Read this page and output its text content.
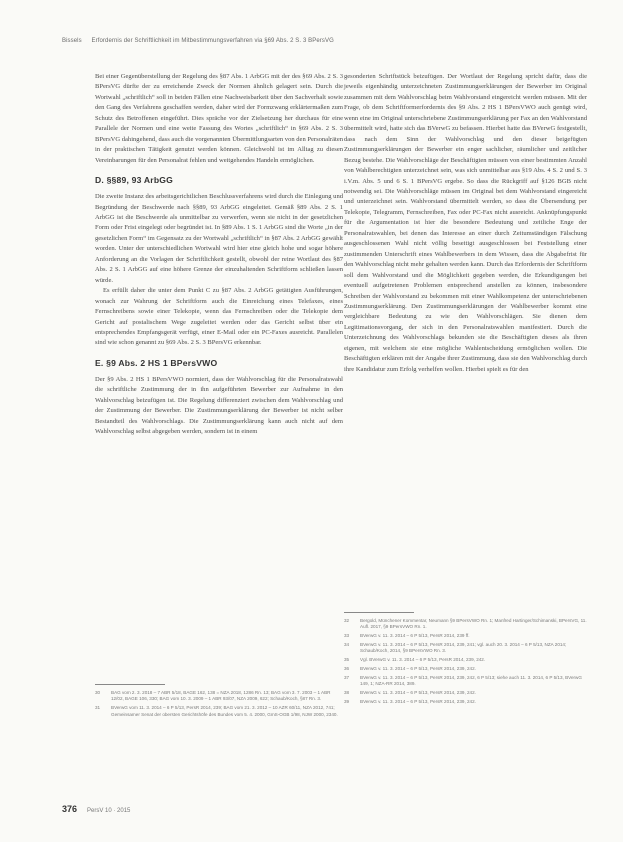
Bissels Erfordernis der Schriftlichkeit im Mitbestimmungsverfahren via §69 Abs. 2 S. 3 BPersVG

Bei einer Gegenüberstellung der Regelung des §87 Abs. 1 ArbGG mit der des §69 Abs. 2 S. 3 BPersVG dürfte der zu erreichende Zweck der Normen ähnlich gelagert sein. Durch die Wortwahl „schriftlich“ soll in beiden Fällen eine Nachweisbarkeit über den Sachverhalt sowie den Gang des Verfahrens geschaffen werden, daher wird der Formzwang erklärtermaßen zum Schutz des Betroffenen eingeführt. Dies spräche vor der Zielsetzung her durchaus für eine Parallele der Normen und eine weite Fassung des Wortes „schriftlich“ in §69 Abs. 2 S. 3 BPersVG dahingehend, dass auch die vorgenannten Übermittlungsarten von den Personalräten in der praktischen Tätigkeit genutzt werden können. Gleichwohl ist im Alltag zu diesen Vereinbarungen für den Personalrat fehlen und weitgehendes Handeln ermöglichen.

D. §§89, 93 ArbGG

Die zweite Instanz des arbeitsgerichtlichen Beschlussverfahrens wird durch die Einlegung und Begründung der Beschwerde nach §§89, 93 ArbGG eingeleitet. Gemäß §89 Abs. 2 S. 1 ArbGG ist die Beschwerde als unmittelbar zu verwerfen, wenn sie nicht in der gesetzlichen Form oder Frist eingelegt oder begründet ist. In §89 Abs. 1 S. 1 ArbGG sind die Worte „in der gesetzlichen Form“ im Gegensatz zu der Wortwahl „schriftlich“ in §87 Abs. 2 ArbGG gewählt worden. Unter der unterschiedlichen Wortwahl wird hier eine gleich hohe und sogar höhere Anforderung an die Vorlagen der Schriftlichkeit gestellt, obwohl der reine Wortlaut des §87 Abs. 2 S. 1 ArbGG auf eine höhere Grenze der einzuhaltenden Schriftform schließen lassen würde.

Es erfüllt daher die unter dem Punkt C zu §87 Abs. 2 ArbGG getätigten Ausführungen, wonach zur Wahrung der Schriftform auch die Einreichung eines Telefaxes, eines Fernschreibens sowie einer Telekopie, wenn das Fernschreiben oder die Telekopie dem Gericht auf postalischem Wege zugeleitet werden oder das Gericht selbst über ein entsprechendes Empfangsgerät verfügt, einer E-Mail oder ein PC-Faxes ausreicht. Parallelen sind wie schon genannt zu §69 Abs. 2 S. 3 BPersVG erkennbar.

E. §9 Abs. 2 HS 1 BPersVWO

Der §9 Abs. 2 HS 1 BPersVWO normiert, dass der Wahlvorschlag für die Personalratswahl die schriftliche Zustimmung der in ihn aufgeführten Bewerber zur Aufnahme in den Wahlvorschlag beizufügen ist. Die Regelung differenziert zwischen dem Wahlvorschlag und der Zustimmung der Bewerber. Die Zustimmungserklärung der Bewerber ist nicht selber Bestandteil des Wahlvorschlags. Die Zustimmungserklärung kann auch nicht auf dem Wahlvorschlag selbst abgegeben werden, sondern ist in einem

30	BAG vom 2. 3. 2018 – 7 ABR 5/18, BAGE 162, 138 = NZA 2018, 1286 Rn. 13; BAG vom 3. 7. 2003 – 1 ABR 12/02, BAGE 106, 330; BAG vom 10. 3. 2009 – 1 ABR 93/07, NZA 2009, 622; Schaub/Koch, §87 Rn. 3.
31	BVerwG vom 11. 3. 2014 – 6 P 5/13, PersR 2014, 239; BAG vom 21. 3. 2012 – 10 AZR 60/11, NZA 2012, 741; Gemeinsamer Senat der obersten Gerichtshöfe des Bundes vom 5. 4. 2000, GmS-OGB 1/98, NJW 2000, 2340.

gesonderten Schriftstück beizufügen. Der Wortlaut der Regelung spricht dafür, dass die jeweils eigenhändig unterzeichneten Zustimmungserklärungen der Bewerber im Original zusammen mit dem Wahlvorschlag beim Wahlvorstand eingereicht werden müssen. Mit der Frage, ob dem Schriftformerfordernis des §9 Abs. 2 HS 1 BPersVWO auch genügt wird, wenn eine im Original unterschriebene Zustimmungserklärung per Fax an den Wahlvorstand übermittelt wird, hatte sich das BVerwG zu befassen. Hierbei hatte das BVerwG festgestellt, dass nach dem Sinn der Wahlvorschlag und den dieser beigefügten Zustimmungserklärungen der Bewerber ein enger sachlicher, räumlicher und zeitlicher Bezug bestehe. Die Wahlvorschläge der Beschäftigten müssen von einer bestimmten Anzahl von Wahlberechtigten unterzeichnet sein, was sich unmittelbar aus §19 Abs. 4 S. 2 und S. 3 i.V.m. Abs. 5 und 6 S. 1 BPersVG ergebe. So dass die Rückgriff auf §126 BGB nicht notwendig sei. Die Wahlvorschläge müssen im Original bei dem Wahlvorstand eingereicht und unterzeichnet sein. Wahlvorstand übermittelt werden, so dass die Übersendung per Telekopie, Telegramm, Fernschreiben, Fax oder PC-Fax nicht ausreicht. Anknüpfungspunkt für die Argumentation ist hier die besondere Bedeutung und zeitliche Enge der Personalratswahlen, bei denen das Interesse an einer durch Zeitumständigen Fälschung ausgeschlossenen Wahl nicht völlig beseitigt ausgeschlossen bei Feststellung einer zustimmenden Unterschrift eines Wahlbewerbers in dem Wissen, dass die Abgabefrist für den Wahlvorschlag nicht mehr gehalten werden kann. Durch das Erfordernis der Schriftform soll dem Wahlvorstand und die Möglichkeit gegeben werden, die Erkundigungen bei eventuell aufgetretenen Problemen entsprechend anstellen zu können, insbesondere Schreiben der Wahlvorstand zu bekommen mit einer Wahlkompetenz der unterschriebenen Zustimmungserklärung. Den Zustimmungserklärungen der Wahlbewerber kommt eine vergleichbare Bedeutung zu wie den Wahlvorschlägen. Sie dienen dem Legitimationsvorgang, der sich in den Personalratswahlen manifestiert. Durch die Unterzeichnung des Wahlvorschlags bekunden sie die Beschäftigten dieses als ihren eigenen, mit welchem sie eine mögliche Wahlentscheidung ermöglichen wollen. Die Beschäftigten erklären mit der Angabe ihrer Zustimmung, dass sie den Wahlvorschlag durch ihre Kandidatur zum Erfolg verhelfen wollen. Hierbei spielt es für den

32	Bergold, Münchener Kommentar, Neumann §9 BPersVWO Rn. 1; Manfred Hartinger/Schimanski, BPersVG, 11. Aufl. 2017, §9 BPersVWO Rn. 1.
33	BVerwG v. 11. 3. 2014 – 6 P 5/13, PersR 2014, 239 ff.
34	BVerwG v. 11. 3. 2014 – 6 P 5/13, PersR 2014, 239, 241; vgl. auch 20. 3. 2014 – 6 P 5/13, NZA 2014; Schaub/Koch, 2014, §9 BPersVWO Rn. 3.
35	Vgl. BVerwG v. 11. 3. 2014 – 6 P 5/13, PersR 2014, 239, 242.
36	BVerwG v. 11. 3. 2014 – 6 P 5/13, PersR 2014, 239, 242.
37	BVerwG v. 11. 3. 2014 – 6 P 5/13, PersR 2014, 239, 242, 6 P 5/13; siehe auch 11. 3. 2014, 6 P 5/13, BVerwG 149, 1; NZA-RR 2014, 389.
38	BVerwG v. 11. 3. 2014 – 6 P 5/13, PersR 2014, 239, 242.
39	BVerwG v. 11. 3. 2014 – 6 P 5/13, PersR 2014, 239, 242.
376 PersV 10 · 2015
